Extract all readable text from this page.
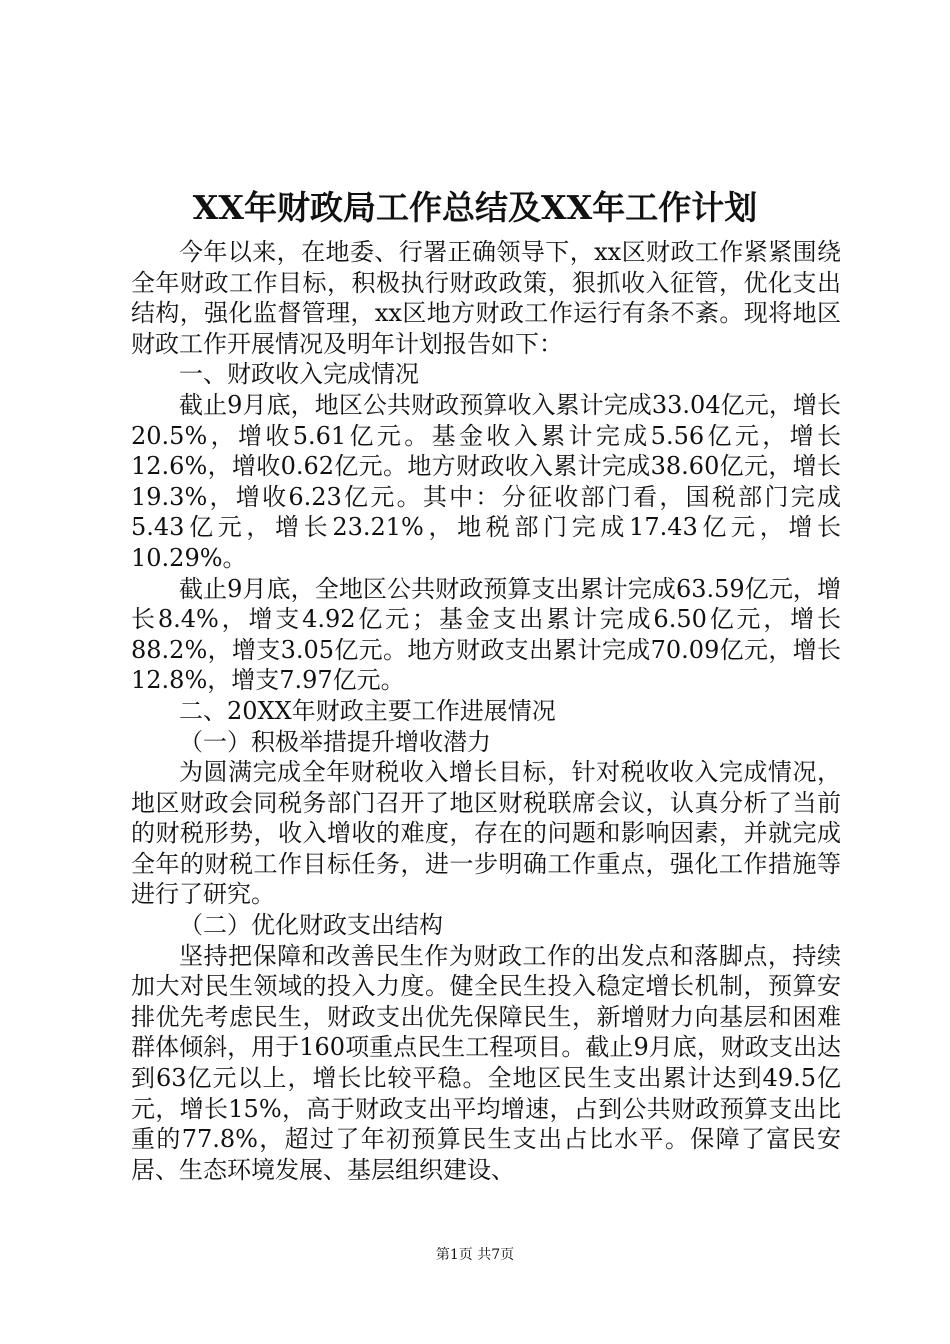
XX年财政局工作总结及XX年工作计划

今年以来，在地委、行署正确领导下，xx区财政工作紧紧围绕全年财政工作目标，积极执行财政政策，狠抓收入征管，优化支出结构，强化监督管理，xx区地方财政工作运行有条不紊。现将地区财政工作开展情况及明年计划报告如下：

一、财政收入完成情况

截止9月底，地区公共财政预算收入累计完成33.04亿元，增长20.5%，增收5.61亿元。基金收入累计完成5.56亿元，增长12.6%，增收0.62亿元。地方财政收入累计完成38.60亿元，增长19.3%，增收6.23亿元。其中：分征收部门看，国税部门完成5.43亿元，增长23.21%，地税部门完成17.43亿元，增长10.29%。

截止9月底，全地区公共财政预算支出累计完成63.59亿元，增长8.4%，增支4.92亿元；基金支出累计完成6.50亿元，增长88.2%，增支3.05亿元。地方财政支出累计完成70.09亿元，增长12.8%，增支7.97亿元。

二、20XX年财政主要工作进展情况

（一）积极举措提升增收潜力

为圆满完成全年财税收入增长目标，针对税收收入完成情况，地区财政会同税务部门召开了地区财税联席会议，认真分析了当前的财税形势，收入增收的难度，存在的问题和影响因素，并就完成全年的财税工作目标任务，进一步明确工作重点，强化工作措施等进行了研究。

（二）优化财政支出结构

坚持把保障和改善民生作为财政工作的出发点和落脚点，持续加大对民生领域的投入力度。健全民生投入稳定增长机制，预算安排优先考虑民生，财政支出优先保障民生，新增财力向基层和困难群体倾斜，用于160项重点民生工程项目。截止9月底，财政支出达到63亿元以上，增长比较平稳。全地区民生支出累计达到49.5亿元，增长15%，高于财政支出平均增速，占到公共财政预算支出比重的77.8%，超过了年初预算民生支出占比水平。保障了富民安居、生态环境发展、基层组织建设、

第1页 共7页
